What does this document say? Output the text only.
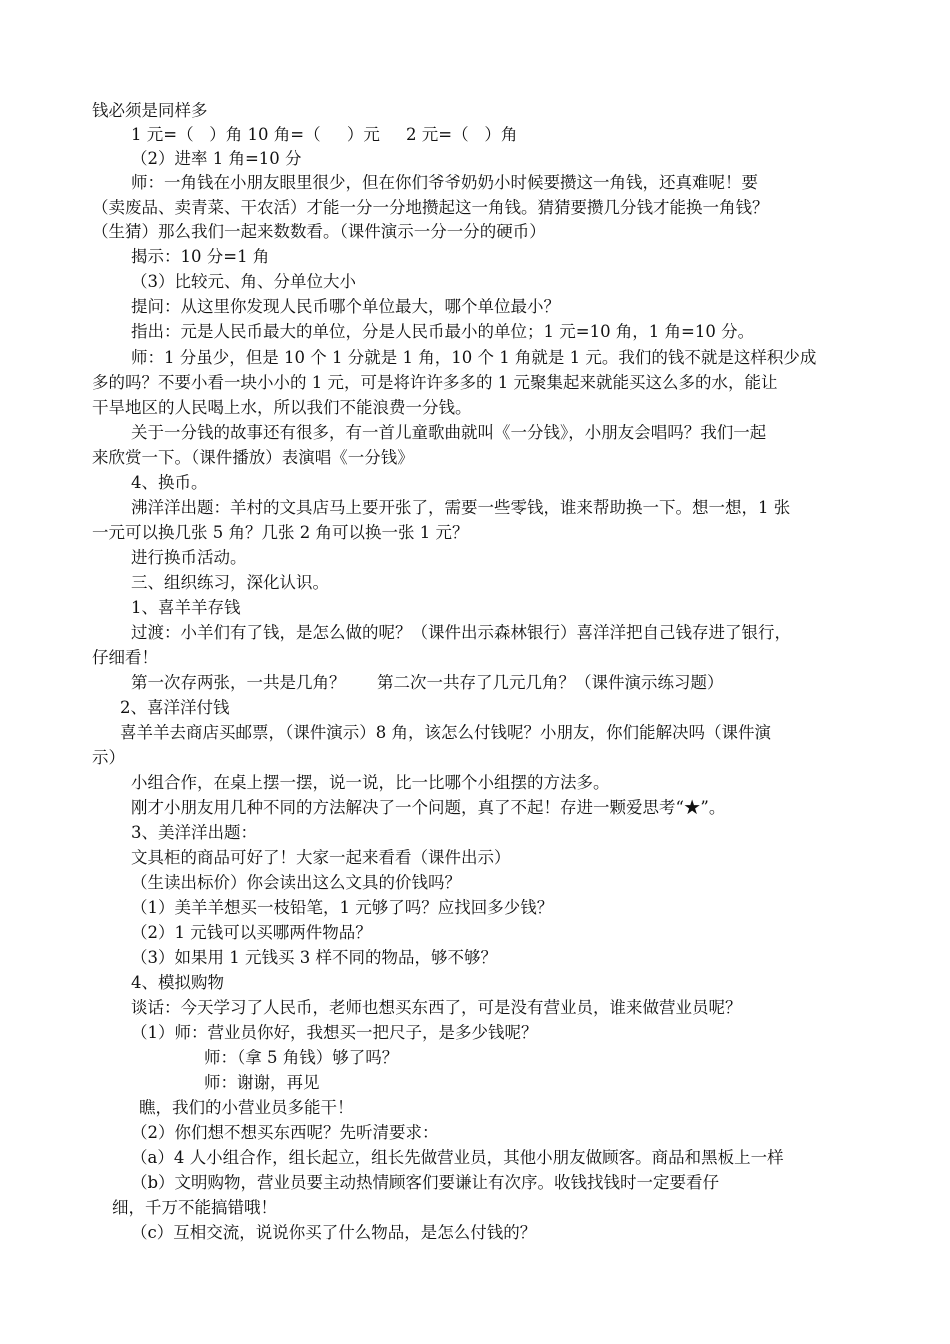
钱必须是同样多
1 元=（   ）角 10 角=（     ）元     2 元=（   ）角
（2）进率 1 角=10 分
师：一角钱在小朋友眼里很少，但在你们爷爷奶奶小时候要攒这一角钱，还真难呢！要
（卖废品、卖青菜、干农活）才能一分一分地攒起这一角钱。猜猜要攒几分钱才能换一角钱？
（生猜）那么我们一起来数数看。（课件演示一分一分的硬币）
揭示：10 分=1 角
（3）比较元、角、分单位大小
提问：从这里你发现人民币哪个单位最大，哪个单位最小？
指出：元是人民币最大的单位，分是人民币最小的单位；1 元=10 角，1 角=10 分。
师：1 分虽少，但是 10 个 1 分就是 1 角，10 个 1 角就是 1 元。我们的钱不就是这样积少成
多的吗？不要小看一块小小的 1 元，可是将许许多多的 1 元聚集起来就能买这么多的水，能让
干旱地区的人民喝上水，所以我们不能浪费一分钱。
关于一分钱的故事还有很多，有一首儿童歌曲就叫《一分钱》，小朋友会唱吗？我们一起
来欣赏一下。（课件播放）表演唱《一分钱》
4、换币。
沸洋洋出题：羊村的文具店马上要开张了，需要一些零钱，谁来帮助换一下。想一想，1 张
一元可以换几张 5 角？几张 2 角可以换一张 1 元？
进行换币活动。
三、组织练习，深化认识。
1、喜羊羊存钱
过渡：小羊们有了钱，是怎么做的呢？（课件出示森林银行）喜洋洋把自己钱存进了银行，
仔细看！
第一次存两张，一共是几角？      第二次一共存了几元几角？（课件演示练习题）
2、喜洋洋付钱
喜羊羊去商店买邮票，（课件演示）8 角，该怎么付钱呢？小朋友，你们能解决吗（课件演
示）
小组合作，在桌上摆一摆，说一说，比一比哪个小组摆的方法多。
刚才小朋友用几种不同的方法解决了一个问题，真了不起！存进一颗爱思考“★”。
3、美洋洋出题：
文具柜的商品可好了！大家一起来看看（课件出示）
（生读出标价）你会读出这么文具的价钱吗？
（1）美羊羊想买一枝铅笔，1 元够了吗？应找回多少钱？
（2）1 元钱可以买哪两件物品？
（3）如果用 1 元钱买 3 样不同的物品，够不够？
4、模拟购物
谈话：今天学习了人民币，老师也想买东西了，可是没有营业员，谁来做营业员呢？
（1）师：营业员你好，我想买一把尺子，是多少钱呢？
师：（拿 5 角钱）够了吗？
师：谢谢，再见
瞧，我们的小营业员多能干！
（2）你们想不想买东西呢？先听清要求：
（a）4 人小组合作，组长起立，组长先做营业员，其他小朋友做顾客。商品和黑板上一样
（b）文明购物，营业员要主动热情顾客们要谦让有次序。收钱找钱时一定要看仔
细，千万不能搞错哦！
（c）互相交流，说说你买了什么物品，是怎么付钱的？
